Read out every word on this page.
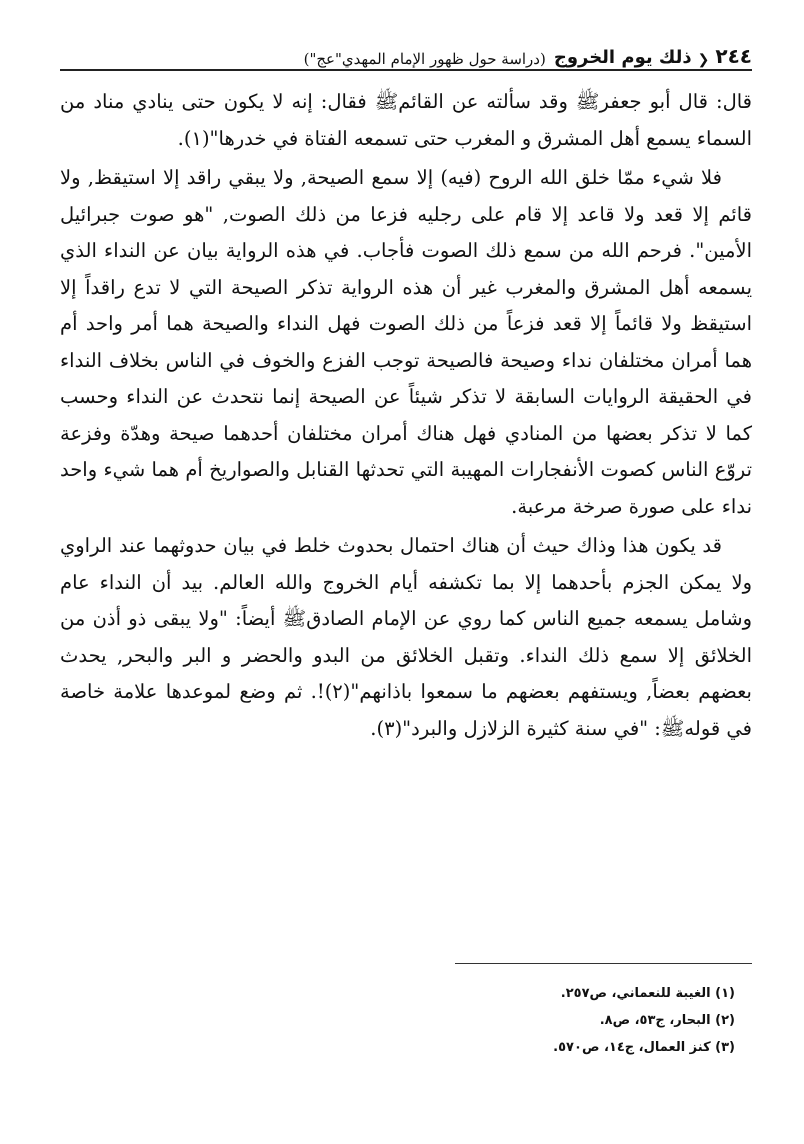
٢٤٤
❮
ذلك يوم الخروج
(دراسة حول ظهور الإمام المهدي"عج")

قال: قال أبو جعفر‌ﷺ وقد سألته عن القائم‌ﷺ فقال: إنه لا يكون حتى ينادي مناد من السماء يسمع أهل المشرق و المغرب حتى تسمعه الفتاة في خدرها"(١).

فلا شيء ممّا خلق الله الروح (فيه) إلا سمع الصيحة, ولا يبقي راقد إلا استيقظ, ولا قائم إلا قعد ولا قاعد إلا قام على رجليه فزعا من ذلك الصوت, "هو صوت جبرائيل الأمين". فرحم الله من سمع ذلك الصوت فأجاب. في هذه الرواية بيان عن النداء الذي يسمعه أهل المشرق والمغرب غير أن هذه الرواية تذكر الصيحة التي لا تدع راقداً إلا استيقظ ولا قائماً إلا قعد فزعاً من ذلك الصوت فهل النداء والصيحة هما أمر واحد أم هما أمران مختلفان نداء وصيحة فالصيحة توجب الفزع والخوف في الناس بخلاف النداء في الحقيقة الروايات السابقة لا تذكر شيئاً عن الصيحة إنما نتحدث عن النداء وحسب كما لا تذكر بعضها من المنادي فهل هناك أمران مختلفان أحدهما صيحة وهدّة وفزعة تروّع الناس كصوت الأنفجارات المهيبة التي تحدثها القنابل والصواريخ أم هما شيء واحد نداء على صورة صرخة مرعبة.

قد يكون هذا وذاك حيث أن هناك احتمال بحدوث خلط في بيان حدوثهما عند الراوي ولا يمكن الجزم بأحدهما إلا بما تكشفه أيام الخروج والله العالم. بيد أن النداء عام وشامل يسمعه جميع الناس كما روي عن الإمام الصادق‌ﷺ أيضاً: "ولا يبقى ذو أذن من الخلائق إلا سمع ذلك النداء. وتقبل الخلائق من البدو والحضر و البر والبحر, يحدث بعضهم بعضاً, ويستفهم بعضهم ما سمعوا باذانهم"(٢)!. ثم وضع لموعدها علامة خاصة في قوله‌ﷺ: "في سنة كثيرة الزلازل والبرد"(٣).

(١) الغيبة للنعماني، ص٢٥٧.
(٢) البحار، ج٥٣، ص٨.
(٣) كنز العمال، ج١٤، ص٥٧٠.
